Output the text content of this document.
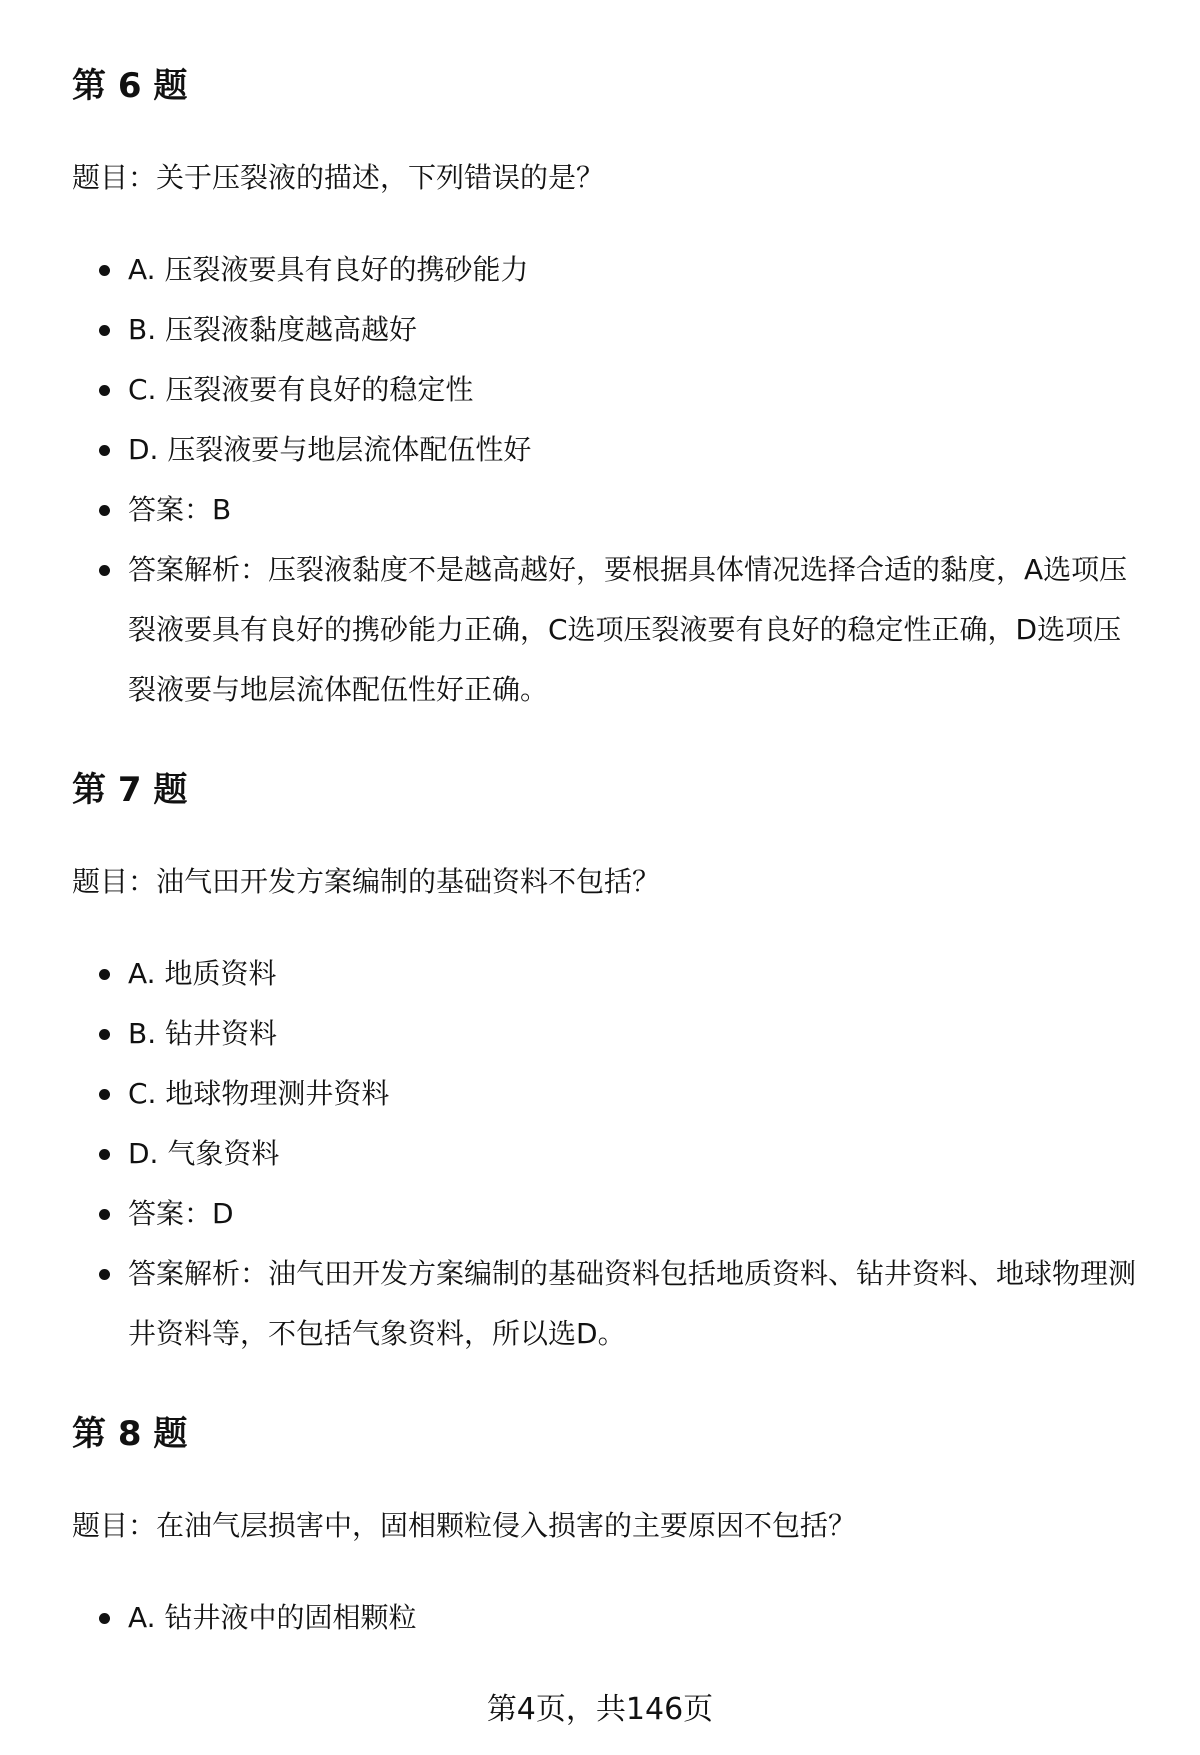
第 6 题

题目：关于压裂液的描述，下列错误的是？

A. 压裂液要具有良好的携砂能力
B. 压裂液黏度越高越好
C. 压裂液要有良好的稳定性
D. 压裂液要与地层流体配伍性好
答案：B
答案解析：压裂液黏度不是越高越好，要根据具体情况选择合适的黏度，A选项压裂液要具有良好的携砂能力正确，C选项压裂液要有良好的稳定性正确，D选项压裂液要与地层流体配伍性好正确。
第 7 题

题目：油气田开发方案编制的基础资料不包括？

A. 地质资料
B. 钻井资料
C. 地球物理测井资料
D. 气象资料
答案：D
答案解析：油气田开发方案编制的基础资料包括地质资料、钻井资料、地球物理测井资料等，不包括气象资料，所以选D。
第 8 题

题目：在油气层损害中，固相颗粒侵入损害的主要原因不包括？

A. 钻井液中的固相颗粒
第4页，共146页
